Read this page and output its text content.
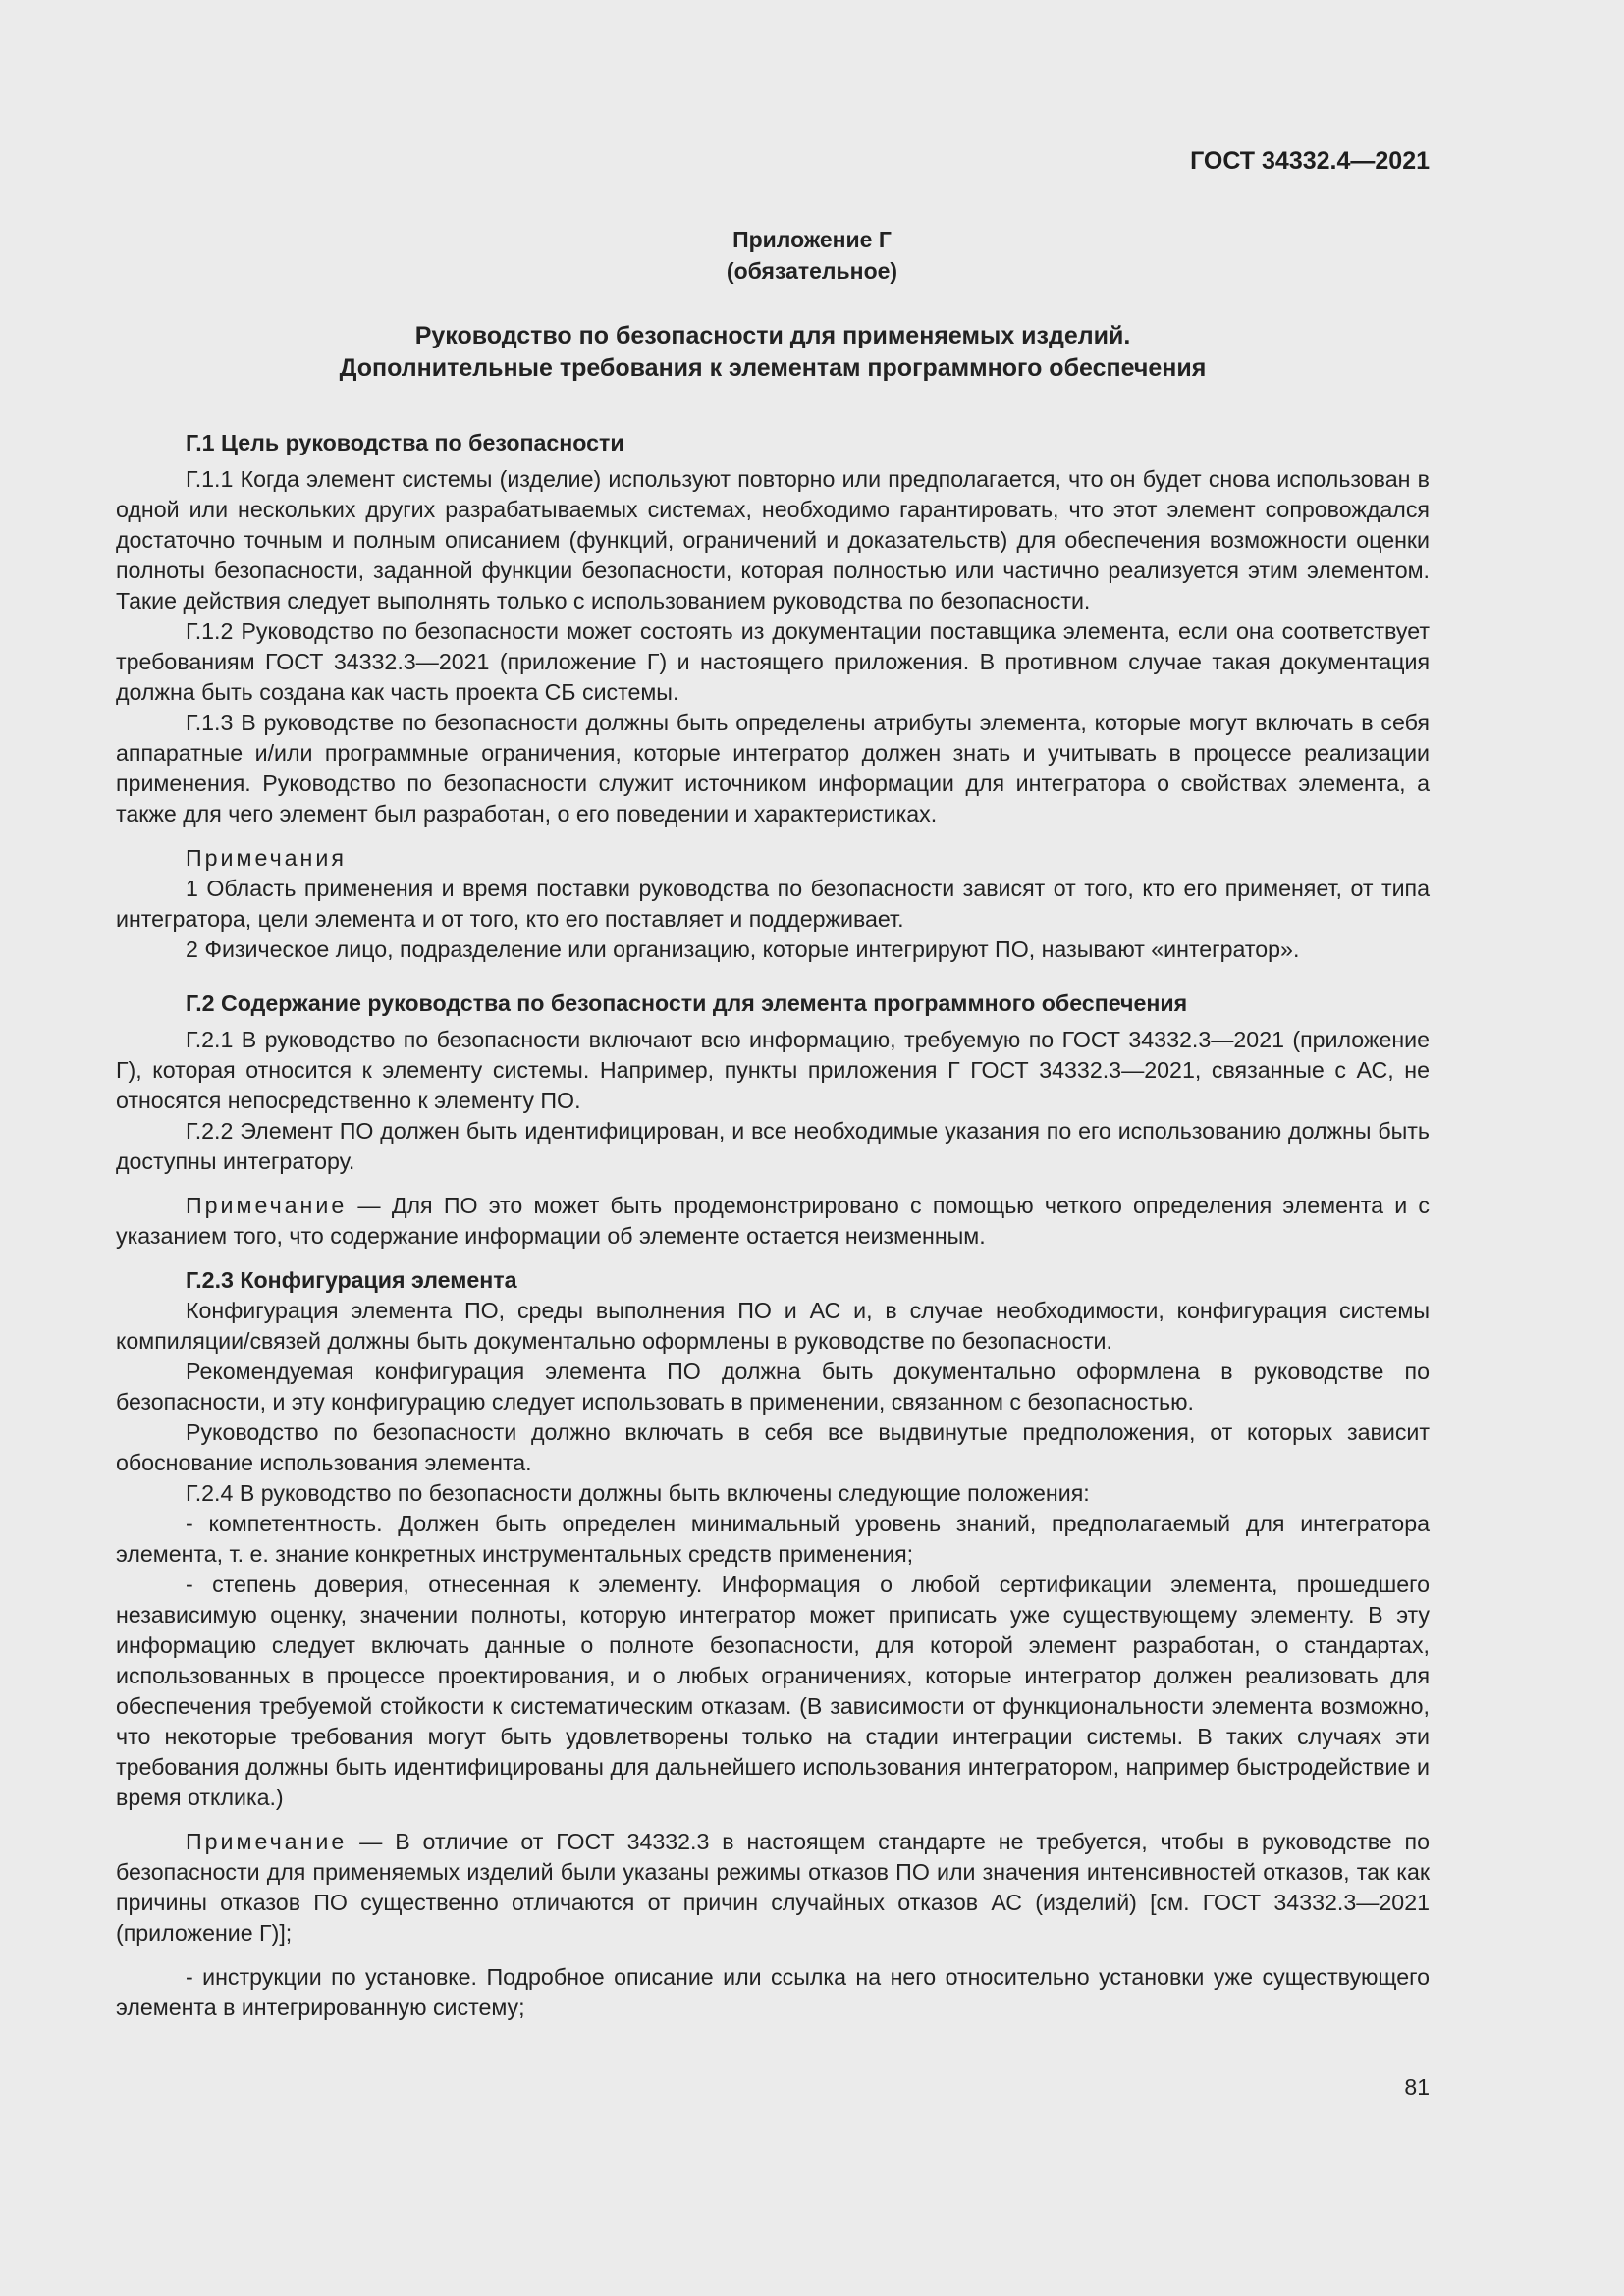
ГОСТ 34332.4—2021
Приложение Г
(обязательное)
Руководство по безопасности для применяемых изделий.
Дополнительные требования к элементам программного обеспечения

Г.1 Цель руководства по безопасности

Г.1.1 Когда элемент системы (изделие) используют повторно или предполагается, что он будет снова использован в одной или нескольких других разрабатываемых системах, необходимо гарантировать, что этот элемент сопровождался достаточно точным и полным описанием (функций, ограничений и доказательств) для обеспечения возможности оценки полноты безопасности, заданной функции безопасности, которая полностью или частично реализуется этим элементом. Такие действия следует выполнять только с использованием руководства по безопасности.

Г.1.2 Руководство по безопасности может состоять из документации поставщика элемента, если она соответствует требованиям ГОСТ 34332.3—2021 (приложение Г) и настоящего приложения. В противном случае такая документация должна быть создана как часть проекта СБ системы.

Г.1.3 В руководстве по безопасности должны быть определены атрибуты элемента, которые могут включать в себя аппаратные и/или программные ограничения, которые интегратор должен знать и учитывать в процессе реализации применения. Руководство по безопасности служит источником информации для интегратора о свойствах элемента, а также для чего элемент был разработан, о его поведении и характеристиках.

Примечания

1 Область применения и время поставки руководства по безопасности зависят от того, кто его применяет, от типа интегратора, цели элемента и от того, кто его поставляет и поддерживает.

2 Физическое лицо, подразделение или организацию, которые интегрируют ПО, называют «интегратор».

Г.2 Содержание руководства по безопасности для элемента программного обеспечения

Г.2.1 В руководство по безопасности включают всю информацию, требуемую по ГОСТ 34332.3—2021 (приложение Г), которая относится к элементу системы. Например, пункты приложения Г ГОСТ 34332.3—2021, связанные с АС, не относятся непосредственно к элементу ПО.

Г.2.2 Элемент ПО должен быть идентифицирован, и все необходимые указания по его использованию должны быть доступны интегратору.

Примечание — Для ПО это может быть продемонстрировано с помощью четкого определения элемента и с указанием того, что содержание информации об элементе остается неизменным.

Г.2.3 Конфигурация элемента

Конфигурация элемента ПО, среды выполнения ПО и АС и, в случае необходимости, конфигурация системы компиляции/связей должны быть документально оформлены в руководстве по безопасности.

Рекомендуемая конфигурация элемента ПО должна быть документально оформлена в руководстве по безопасности, и эту конфигурацию следует использовать в применении, связанном с безопасностью.

Руководство по безопасности должно включать в себя все выдвинутые предположения, от которых зависит обоснование использования элемента.

Г.2.4 В руководство по безопасности должны быть включены следующие положения:

- компетентность. Должен быть определен минимальный уровень знаний, предполагаемый для интегратора элемента, т. е. знание конкретных инструментальных средств применения;

- степень доверия, отнесенная к элементу. Информация о любой сертификации элемента, прошедшего независимую оценку, значении полноты, которую интегратор может приписать уже существующему элементу. В эту информацию следует включать данные о полноте безопасности, для которой элемент разработан, о стандартах, использованных в процессе проектирования, и о любых ограничениях, которые интегратор должен реализовать для обеспечения требуемой стойкости к систематическим отказам. (В зависимости от функциональности элемента возможно, что некоторые требования могут быть удовлетворены только на стадии интеграции системы. В таких случаях эти требования должны быть идентифицированы для дальнейшего использования интегратором, например быстродействие и время отклика.)

Примечание — В отличие от ГОСТ 34332.3 в настоящем стандарте не требуется, чтобы в руководстве по безопасности для применяемых изделий были указаны режимы отказов ПО или значения интенсивностей отказов, так как причины отказов ПО существенно отличаются от причин случайных отказов АС (изделий) [см. ГОСТ 34332.3—2021 (приложение Г)];

- инструкции по установке. Подробное описание или ссылка на него относительно установки уже существующего элемента в интегрированную систему;

81
